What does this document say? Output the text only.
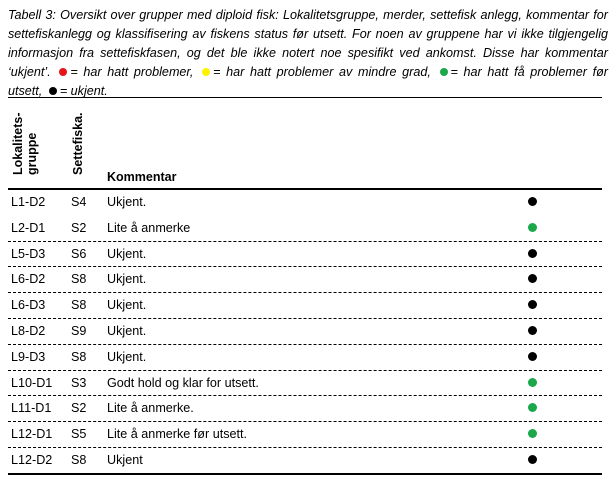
Tabell 3: Oversikt over grupper med diploid fisk: Lokalitetsgruppe, merder, settefisk anlegg, kommentar for settefiskanlegg og klassifisering av fiskens status før utsett. For noen av gruppene har vi ikke tilgjengelig informasjon fra settefiskfasen, og det ble ikke notert noe spesifikt ved ankomst. Disse har kommentar ‘ukjent’. = har hatt problemer, = har hatt problemer av mindre grad, = har hatt få problemer før utsett, = ukjent.
Lokalitets- gruppe	Settefiska.
Kommentar
L1-D2 S4 Ukjent.
L2-D1 S2 Lite å anmerke
L5-D3 S6 Ukjent.
L6-D2 S8 Ukjent.
L6-D3 S8 Ukjent.
L8-D2 S9 Ukjent.
L9-D3 S8 Ukjent.
L10-D1 S3 Godt hold og klar for utsett.
L11-D1 S2 Lite å anmerke.
L12-D1 S5 Lite å anmerke før utsett.
L12-D2 S8 Ukjent
